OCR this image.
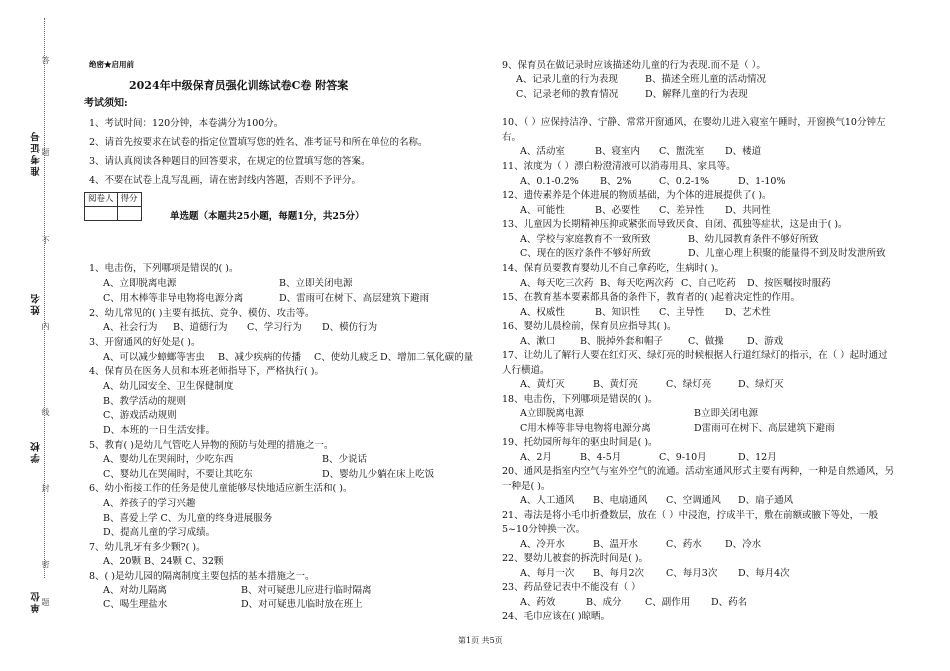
准考证号
姓名
学校
单位
答
题
不
内
线
封
密
题
绝密★启用前
2024年中级保育员强化训练试卷C卷 附答案
考试须知:
1、考试时间：120分钟，本卷满分为100分。
2、请首先按要求在试卷的指定位置填写您的姓名、准考证号和所在单位的名称。
3、请认真阅读各种题目的回答要求，在规定的位置填写您的答案。
4、不要在试卷上乱写乱画，请在密封线内答题，否则不予评分。
阅卷人	得分

单选题（本题共25小题，每题1分，共25分）
1、电击伤，下列哪项是错误的( )。
A、立即脱离电源	B、立即关闭电源
C、用木棒等非导电物将电源分离	D、雷雨可在树下、高层建筑下避雨
2、幼儿常见的( )主要有抵抗、竞争、模仿、攻击等。
A、社会行为 B、道德行为 C、学习行为 D、模仿行为
3、开窗通风的好处是( )。
A、可以减少蟑螂等害虫 B、减少疾病的传播 C、使幼儿疲乏 D、增加二氧化碳的量
4、保育员在医务人员和本班老师指导下，严格执行( )。
A、幼儿园安全、卫生保健制度
B、教学活动的规则
C、游戏活动规则
D、本班的一日生活安排。
5、教育( )是幼儿气管吃人异物的预防与处理的措施之一。
A、婴幼儿在哭闹时，少吃东西	B、少说话
C、婴幼儿在哭闹时，不要让其吃东	D、婴幼儿少躺在床上吃饭
6、幼小衔接工作的任务是使儿童能够尽快地适应新生活和( )。
A、养孩子的学习兴趣
B、喜爱上学 C、为儿童的终身进展服务
D、提高儿童的学习成绩。
7、幼儿乳牙有多少颗?( )。
A、20颗 B、24颗 C、32颗
8、( )是幼儿园的隔离制度主要包括的基本措施之一。
A、对幼儿隔离	B、对可疑患儿应进行临时隔离
C、喝生理盐水	D、对可疑患儿临时放在班上
9、保育员在做记录时应该描述幼儿童的行为表现.而不是（ ）。
A、记录儿童的行为表现	B、描述全班儿童的活动情况
C、记录老师的教育情况	D、解释儿童的行为表现
10、（ ）应保持洁净、宁静、常常开窗通风，在婴幼儿进入寝室午睡时，开窗换气10分钟左
右。
A、活动室	B、寝室内 C、盥洗室 D、楼道
11、浓度为（ ）漂白粉澄清液可以消毒用具、家具等。
A、0.1-0.2% B、2%	C、0.2-1%	D、1-10%
12、遗传素养是个体进展的物质基础，为个体的进展提供了( )。
A、可能性	B、必要性 C、差异性 D、共同性
13、儿童因为长期精神压抑或紧张而导致厌食、自闭、孤独等症状，这是由于( )。
A、学校与家庭教育不一致所致	B、幼儿园教育条件不够好所致
C、现在的医疗条件不够好所致	D、儿童心理上积聚的能量得不到及时发泄所致
14、保育员要教育婴幼儿不自己拿药吃，生病时( )。
A、每天吃三次药 B、每天吃两次药 C、自己吃药 D、按医嘱按时服药
15、在教育基本要素都具备的条件下，教育者的( )起着决定性的作用。
A、权威性	B、知识性 C、主导性 D、艺术性
16、婴幼儿晨检前，保育员应指导其( )。
A、漱口	B、脱掉外套和帽子	C、做操 D、游戏
17、让幼儿了解行人要在红灯灭、绿灯亮的时候根据人行道红绿灯的指示，在（ ）起时通过
人行横道。
A、黄灯灭	B、黄灯亮	C、绿灯亮	D、绿灯灭
18、电击伤，下列哪项是错误的( )。
A立即脱离电源	B立即关闭电源
C用木棒等非导电物将电源分离	D雷雨可在树下、高层建筑下避雨
19、托幼园所每年的驱虫时间是( )。
A、2月	B、4-5月	C、9-10月	D、12月
20、通风是指室内空气与室外空气的流通。活动室通风形式主要有两种，一种是自然通风，另
一种是( )。
A、人工通风 B、电扇通风 C、空调通风 D、扇子通风
21、毒法是将小毛巾折叠数层，放在（ ）中浸泡，拧成半干，敷在前额或腋下等处，一般
5~10分钟换一次。
A、冷开水	B、温开水	C、药水 D、冷水
22、婴幼儿被套的拆洗时间是( )。
A、每月一次 B、每月2次 C、每月3次 D、每月4次
23、药品登记表中不能没有（ ）
A、药效	B、成分 C、副作用 D、药名
24、毛巾应该在( )晾晒。
第1页 共5页
